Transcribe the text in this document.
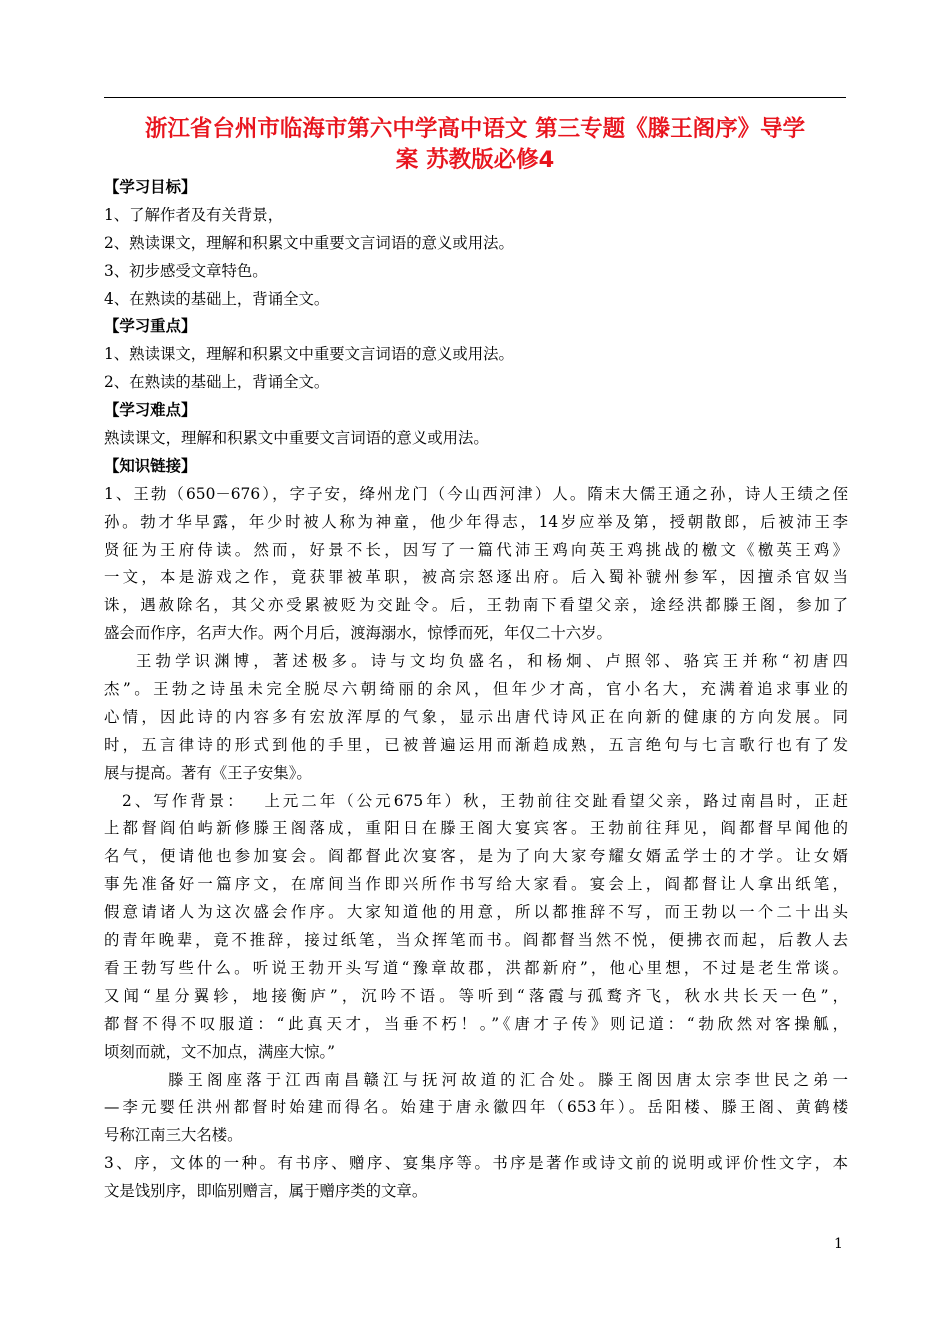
浙江省台州市临海市第六中学高中语文 第三专题《滕王阁序》导学
案 苏教版必修4
【学习目标】
1、了解作者及有关背景，
2、熟读课文，理解和积累文中重要文言词语的意义或用法。
3、初步感受文章特色。
4、在熟读的基础上，背诵全文。
【学习重点】
1、熟读课文，理解和积累文中重要文言词语的意义或用法。
2、在熟读的基础上，背诵全文。
【学习难点】
熟读课文，理解和积累文中重要文言词语的意义或用法。
【知识链接】
1、王勃（650－676），字子安，绛州龙门（今山西河津）人。隋末大儒王通之孙，诗人王绩之侄
孙。勃才华早露，年少时被人称为神童，他少年得志，14岁应举及第，授朝散郎，后被沛王李
贤征为王府侍读。然而，好景不长，因写了一篇代沛王鸡向英王鸡挑战的檄文《檄英王鸡》
一文，本是游戏之作，竟获罪被革职，被高宗怒逐出府。后入蜀补虢州参军，因擅杀官奴当
诛，遇赦除名，其父亦受累被贬为交趾令。后，王勃南下看望父亲，途经洪都滕王阁，参加了
盛会而作序，名声大作。两个月后，渡海溺水，惊悸而死，年仅二十六岁。
王勃学识渊博，著述极多。诗与文均负盛名，和杨炯、卢照邻、骆宾王并称“初唐四
杰”。王勃之诗虽未完全脱尽六朝绮丽的余风，但年少才高，官小名大，充满着追求事业的
心情，因此诗的内容多有宏放浑厚的气象，显示出唐代诗风正在向新的健康的方向发展。同
时，五言律诗的形式到他的手里，已被普遍运用而渐趋成熟，五言绝句与七言歌行也有了发
展与提高。著有《王子安集》。
2、写作背景：　 上元二年（公元675年）秋，王勃前往交趾看望父亲，路过南昌时，正赶
上都督阎伯屿新修滕王阁落成，重阳日在滕王阁大宴宾客。王勃前往拜见，阎都督早闻他的
名气，便请他也参加宴会。阎都督此次宴客，是为了向大家夸耀女婿孟学士的才学。让女婿
事先准备好一篇序文，在席间当作即兴所作书写给大家看。宴会上，阎都督让人拿出纸笔，
假意请诸人为这次盛会作序。大家知道他的用意，所以都推辞不写，而王勃以一个二十出头
的青年晚辈，竟不推辞，接过纸笔，当众挥笔而书。阎都督当然不悦，便拂衣而起，后教人去
看王勃写些什么。听说王勃开头写道“豫章故郡，洪都新府”，他心里想，不过是老生常谈。
又闻“星分翼轸，地接衡庐”，沉吟不语。等听到“落霞与孤鹜齐飞，秋水共长天一色”，
都督不得不叹服道：“此真天才，当垂不朽！。”《唐才子传》则记道：“勃欣然对客操觚，
顷刻而就，文不加点，满座大惊。”
滕王阁座落于江西南昌赣江与抚河故道的汇合处。滕王阁因唐太宗李世民之弟一
—李元婴任洪州都督时始建而得名。始建于唐永徽四年（653年）。岳阳楼、滕王阁、黄鹤楼
号称江南三大名楼。
3、序，文体的一种。有书序、赠序、宴集序等。书序是著作或诗文前的说明或评价性文字，本
文是饯别序，即临别赠言，属于赠序类的文章。
1
